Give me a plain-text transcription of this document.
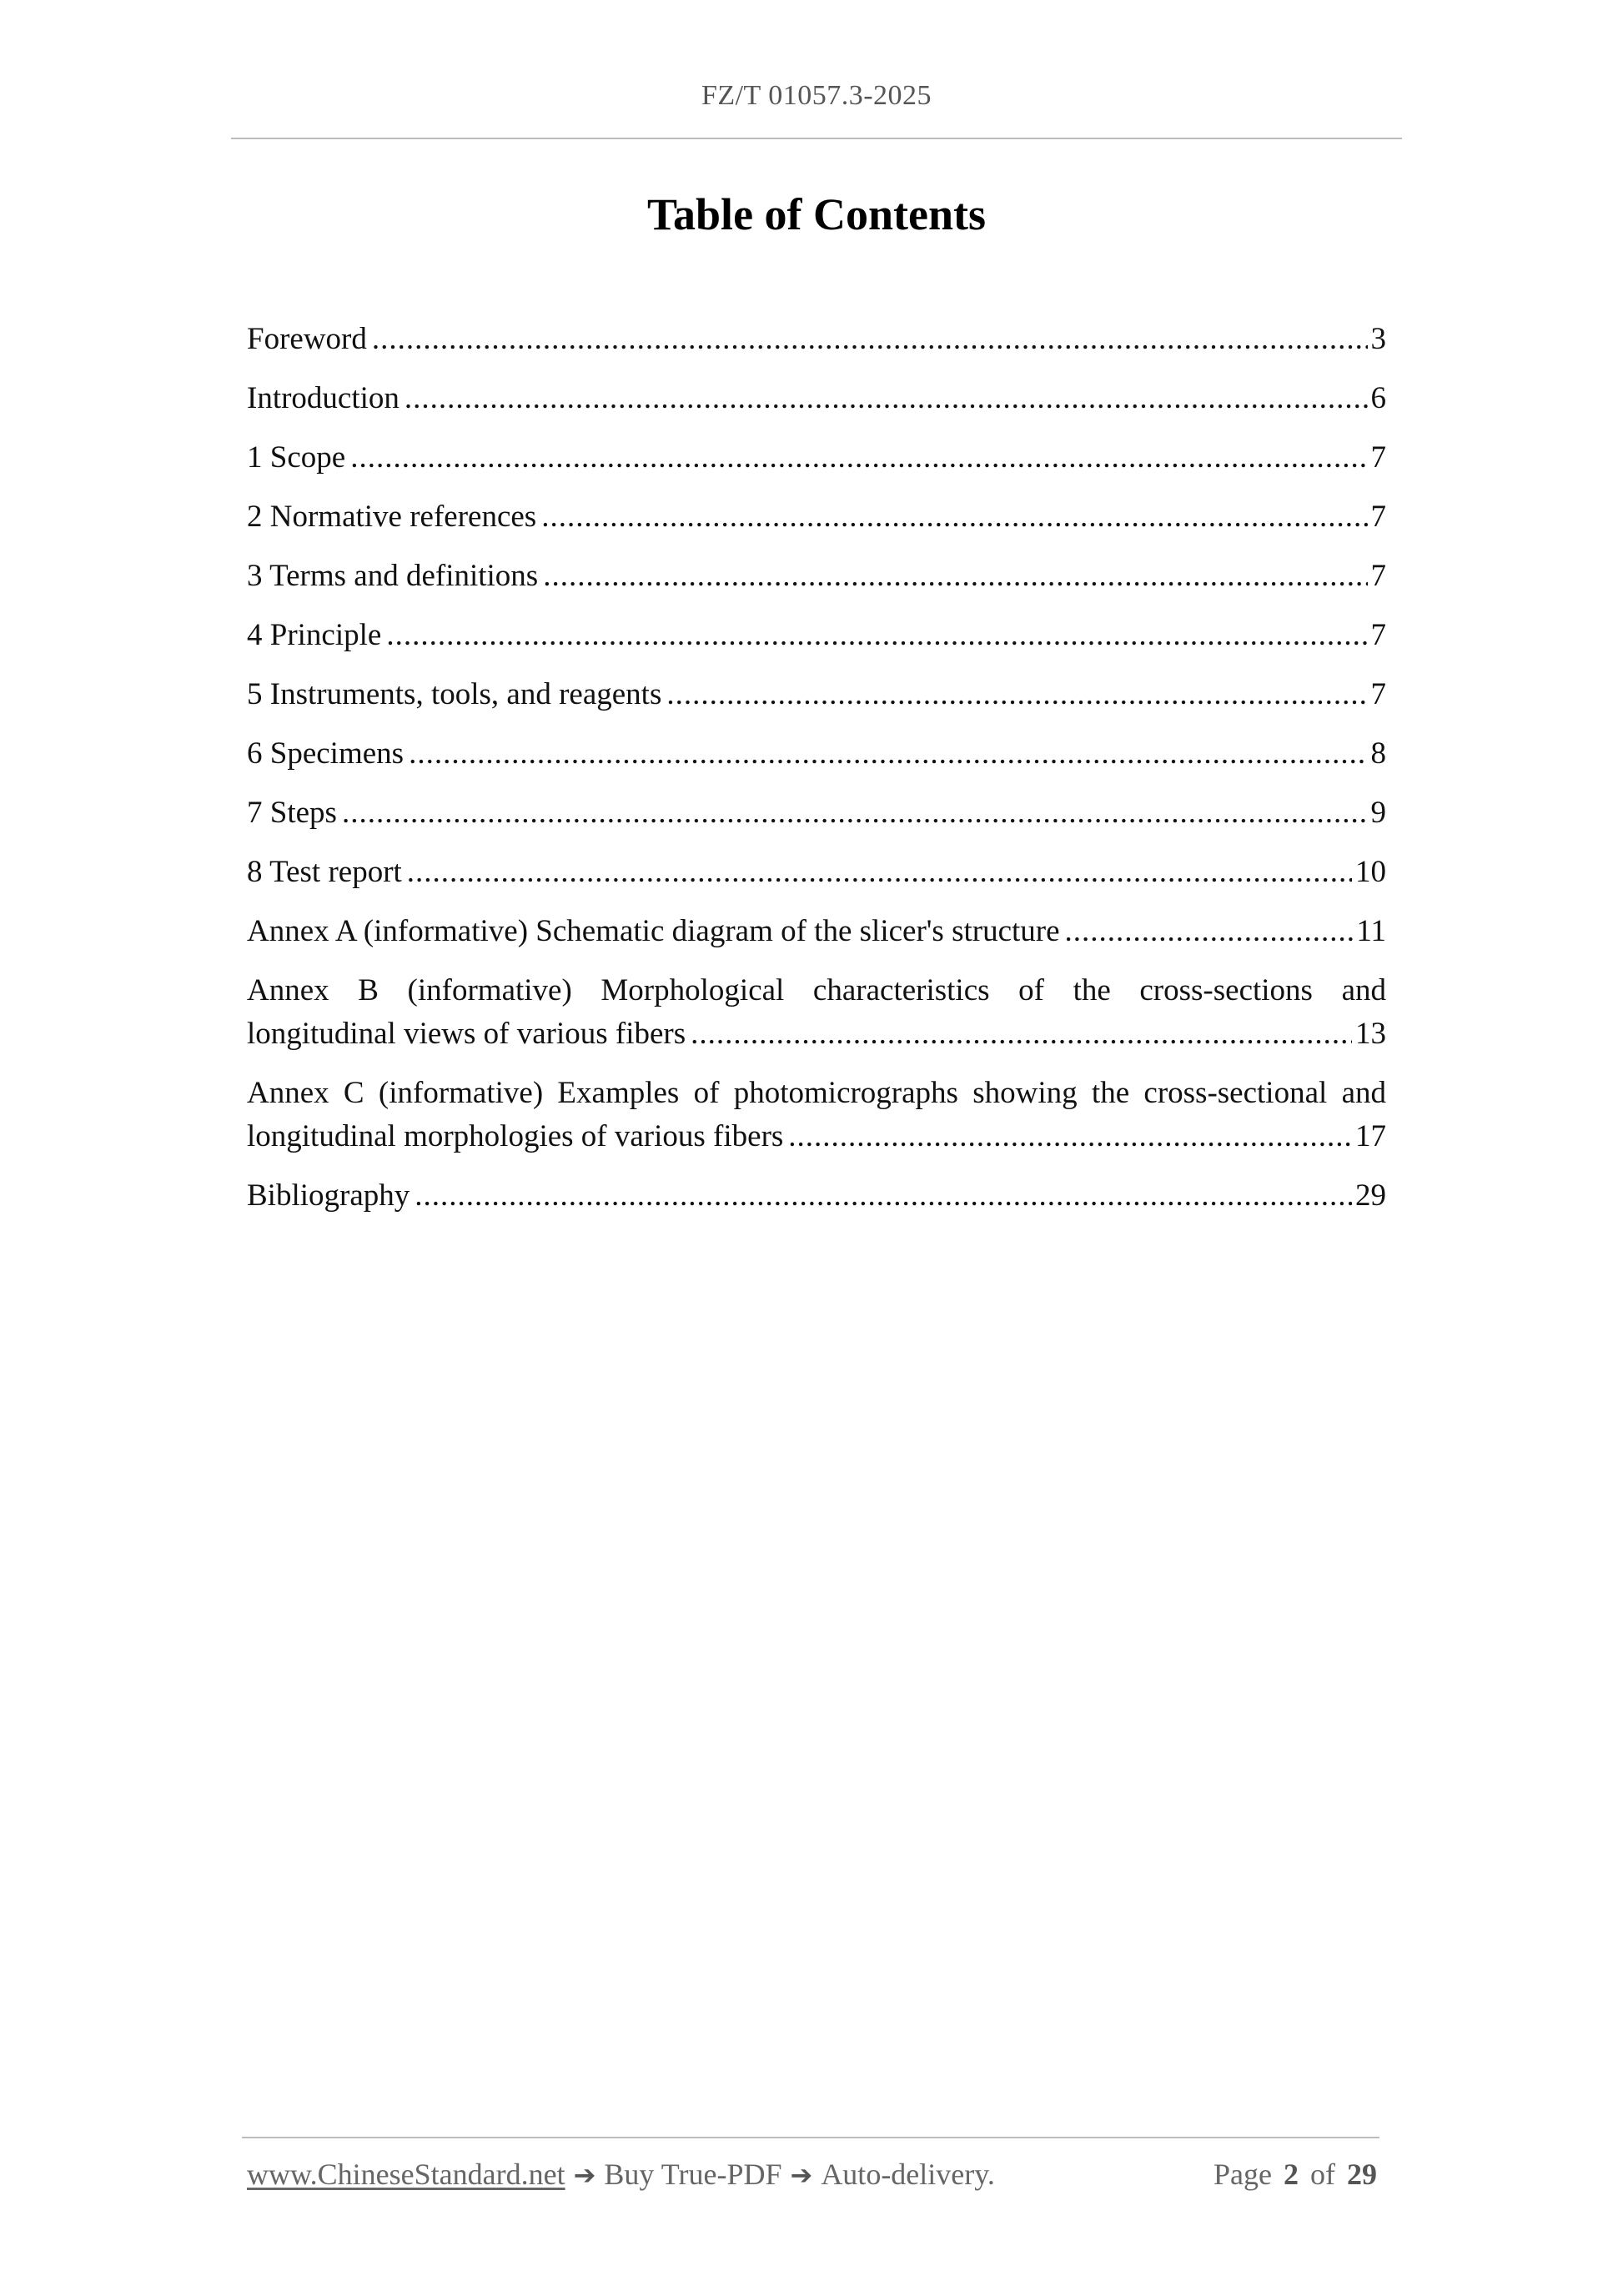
FZ/T 01057.3-2025
Table of Contents
Foreword .....	3
Introduction .....	6
1 Scope .....	7
2 Normative references .....	7
3 Terms and definitions .....	7
4 Principle .....	7
5 Instruments, tools, and reagents .....	7
6 Specimens .....	8
7 Steps .....	9
8 Test report .....	10
Annex A (informative) Schematic diagram of the slicer's structure .....	11
Annex B (informative) Morphological characteristics of the cross-sections and
longitudinal views of various fibers .....	13
Annex C (informative) Examples of photomicrographs showing the cross-sectional and
longitudinal morphologies of various fibers .....	17
Bibliography .....	29
www.ChineseStandard.net ➔ Buy True-PDF ➔ Auto-delivery.	Page 2 of 29
